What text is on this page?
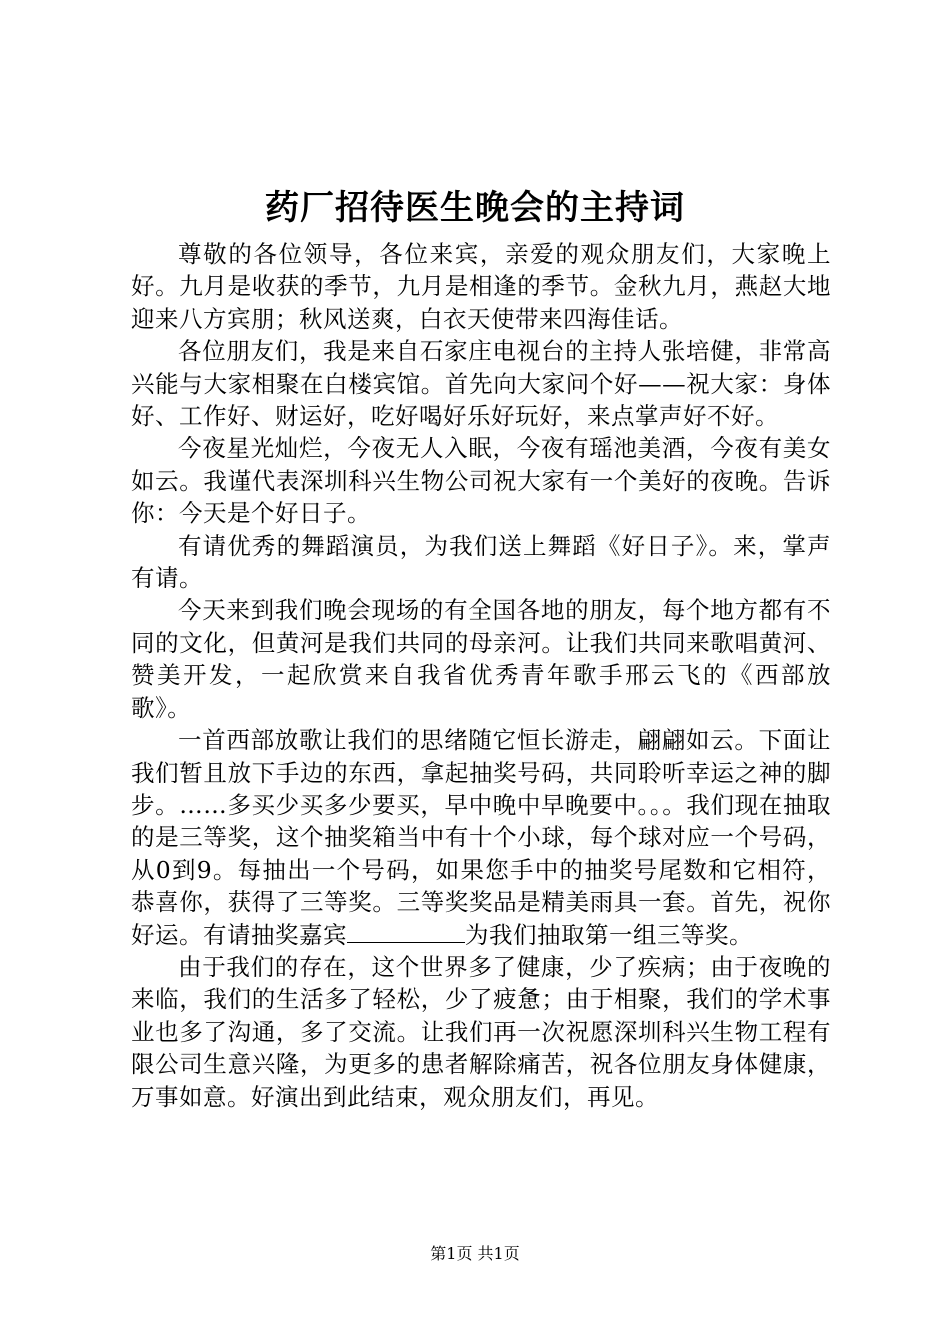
药厂招待医生晚会的主持词

尊敬的各位领导，各位来宾，亲爱的观众朋友们，大家晚上好。九月是收获的季节，九月是相逢的季节。金秋九月，燕赵大地迎来八方宾朋；秋风送爽，白衣天使带来四海佳话。

各位朋友们，我是来自石家庄电视台的主持人张培健，非常高兴能与大家相聚在白楼宾馆。首先向大家问个好——祝大家：身体好、工作好、财运好，吃好喝好乐好玩好，来点掌声好不好。

今夜星光灿烂，今夜无人入眠，今夜有瑶池美酒，今夜有美女如云。我谨代表深圳科兴生物公司祝大家有一个美好的夜晚。告诉你：今天是个好日子。

有请优秀的舞蹈演员，为我们送上舞蹈《好日子》。来，掌声有请。

今天来到我们晚会现场的有全国各地的朋友，每个地方都有不同的文化，但黄河是我们共同的母亲河。让我们共同来歌唱黄河、赞美开发，一起欣赏来自我省优秀青年歌手邢云飞的《西部放歌》。

一首西部放歌让我们的思绪随它恒长游走，翩翩如云。下面让我们暂且放下手边的东西，拿起抽奖号码，共同聆听幸运之神的脚步。……多买少买多少要买，早中晚中早晚要中。。。我们现在抽取的是三等奖，这个抽奖箱当中有十个小球，每个球对应一个号码，从0到9。每抽出一个号码，如果您手中的抽奖号尾数和它相符，恭喜你，获得了三等奖。三等奖奖品是精美雨具一套。首先，祝你好运。有请抽奖嘉宾	为我们抽取第一组三等奖。

由于我们的存在，这个世界多了健康，少了疾病；由于夜晚的来临，我们的生活多了轻松，少了疲惫；由于相聚，我们的学术事业也多了沟通，多了交流。让我们再一次祝愿深圳科兴生物工程有限公司生意兴隆，为更多的患者解除痛苦，祝各位朋友身体健康，万事如意。好演出到此结束，观众朋友们，再见。

第1页 共1页
